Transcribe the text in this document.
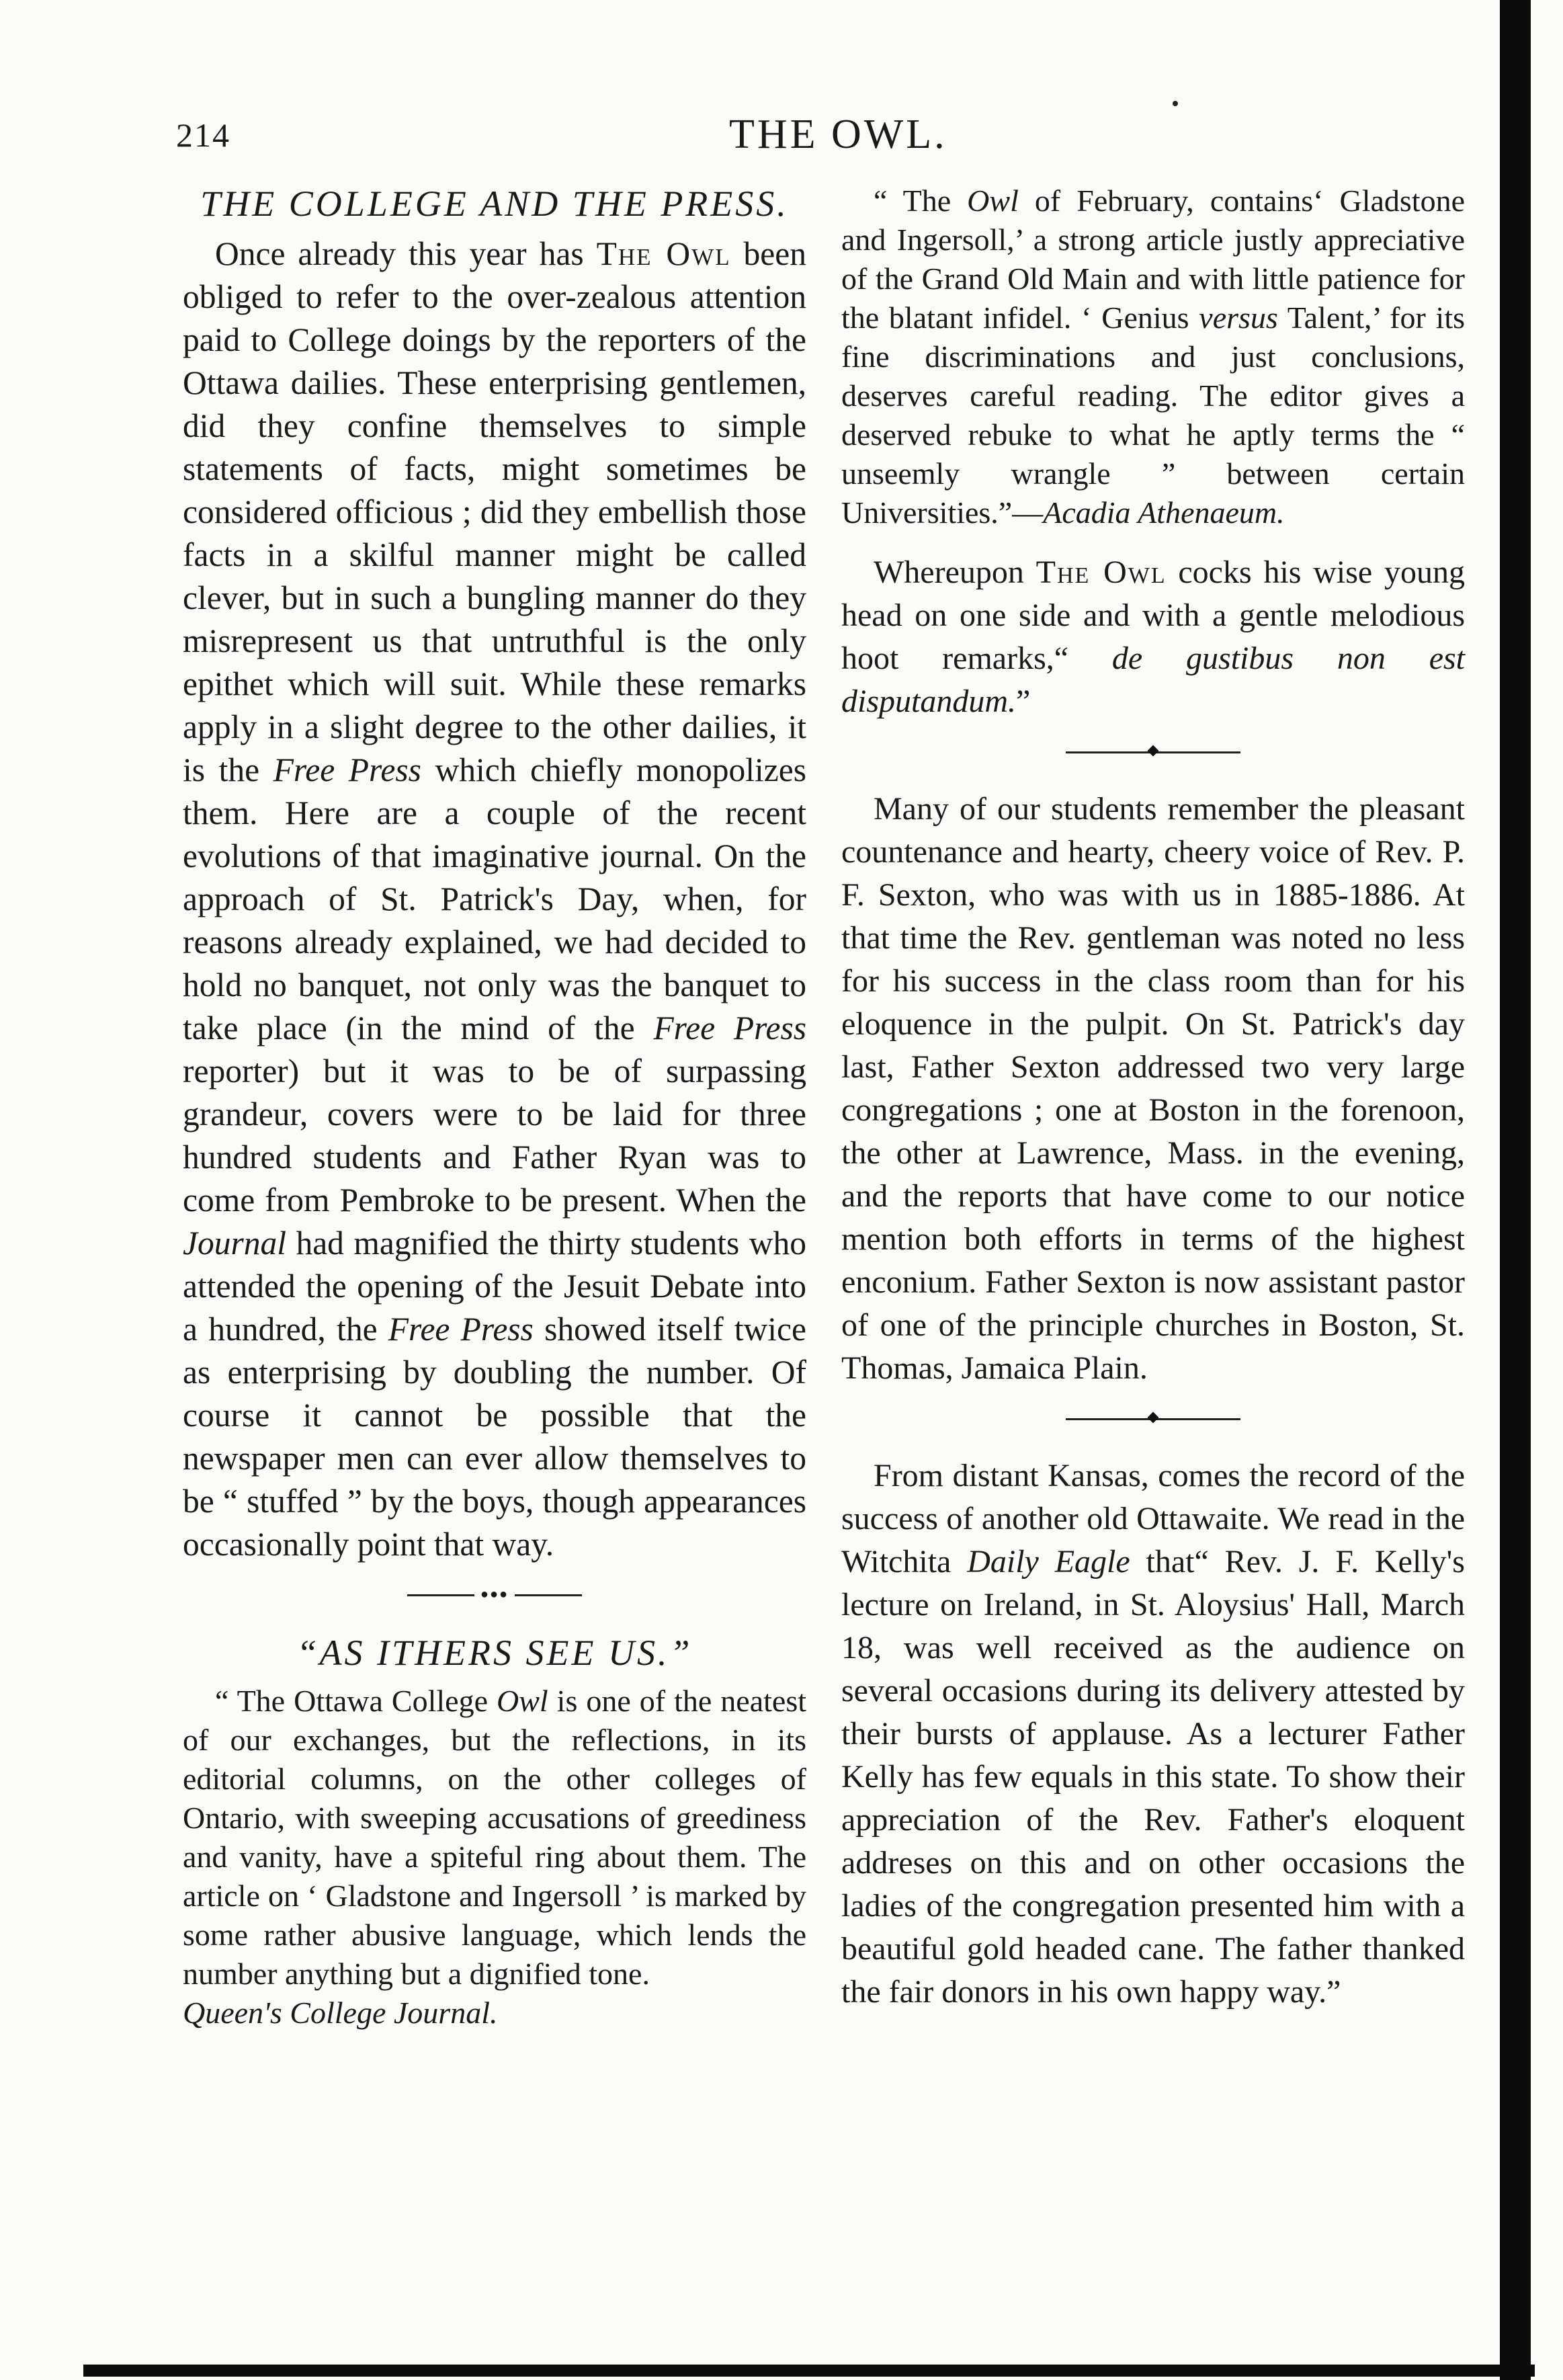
214	THE OWL.
THE COLLEGE AND THE PRESS.

Once already this year has The Owl been obliged to refer to the over-zealous attention paid to College doings by the reporters of the Ottawa dailies. These enterprising gentlemen, did they confine themselves to simple statements of facts, might sometimes be considered officious ; did they embellish those facts in a skilful manner might be called clever, but in such a bungling manner do they misrepresent us that untruthful is the only epithet which will suit. While these remarks apply in a slight degree to the other dailies, it is the Free Press which chiefly monopolizes them. Here are a couple of the recent evolutions of that imaginative journal. On the approach of St. Patrick's Day, when, for reasons already explained, we had decided to hold no banquet, not only was the banquet to take place (in the mind of the Free Press reporter) but it was to be of surpassing grandeur, covers were to be laid for three hundred students and Father Ryan was to come from Pembroke to be present. When the Journal had magnified the thirty students who attended the opening of the Jesuit Debate into a hundred, the Free Press showed itself twice as enterprising by doubling the number. Of course it cannot be possible that the newspaper men can ever allow themselves to be “ stuffed ” by the boys, though appearances occasionally point that way.

●●●
“AS ITHERS SEE US.”

“ The Ottawa College Owl is one of the neatest of our exchanges, but the reflections, in its editorial columns, on the other colleges of Ontario, with sweeping accusations of greediness and vanity, have a spiteful ring about them. The article on ‘ Gladstone and Ingersoll ’ is marked by some rather abusive language, which lends the number anything but a dignified tone.
Queen's College Journal.

“ The Owl of February, contains‘ Gladstone and Ingersoll,’ a strong article justly appreciative of the Grand Old Main and with little patience for the blatant infidel. ‘ Genius versus Talent,’ for its fine discriminations and just conclusions, deserves careful reading. The editor gives a deserved rebuke to what he aptly terms the “ unseemly wrangle ” between certain Universities.”—Acadia Athenaeum.

Whereupon The Owl cocks his wise young head on one side and with a gentle melodious hoot remarks,“ de gustibus non est disputandum.”

Many of our students remember the pleasant countenance and hearty, cheery voice of Rev. P. F. Sexton, who was with us in 1885-1886. At that time the Rev. gentleman was noted no less for his success in the class room than for his eloquence in the pulpit. On St. Patrick's day last, Father Sexton addressed two very large congregations ; one at Boston in the forenoon, the other at Lawrence, Mass. in the evening, and the reports that have come to our notice mention both efforts in terms of the highest enconium. Father Sexton is now assistant pastor of one of the principle churches in Boston, St. Thomas, Jamaica Plain.

From distant Kansas, comes the record of the success of another old Ottawaite. We read in the Witchita Daily Eagle that“ Rev. J. F. Kelly's lecture on Ireland, in St. Aloysius' Hall, March 18, was well received as the audience on several occasions during its delivery attested by their bursts of applause. As a lecturer Father Kelly has few equals in this state. To show their appreciation of the Rev. Father's eloquent addreses on this and on other occasions the ladies of the congregation presented him with a beautiful gold headed cane. The father thanked the fair donors in his own happy way.”
